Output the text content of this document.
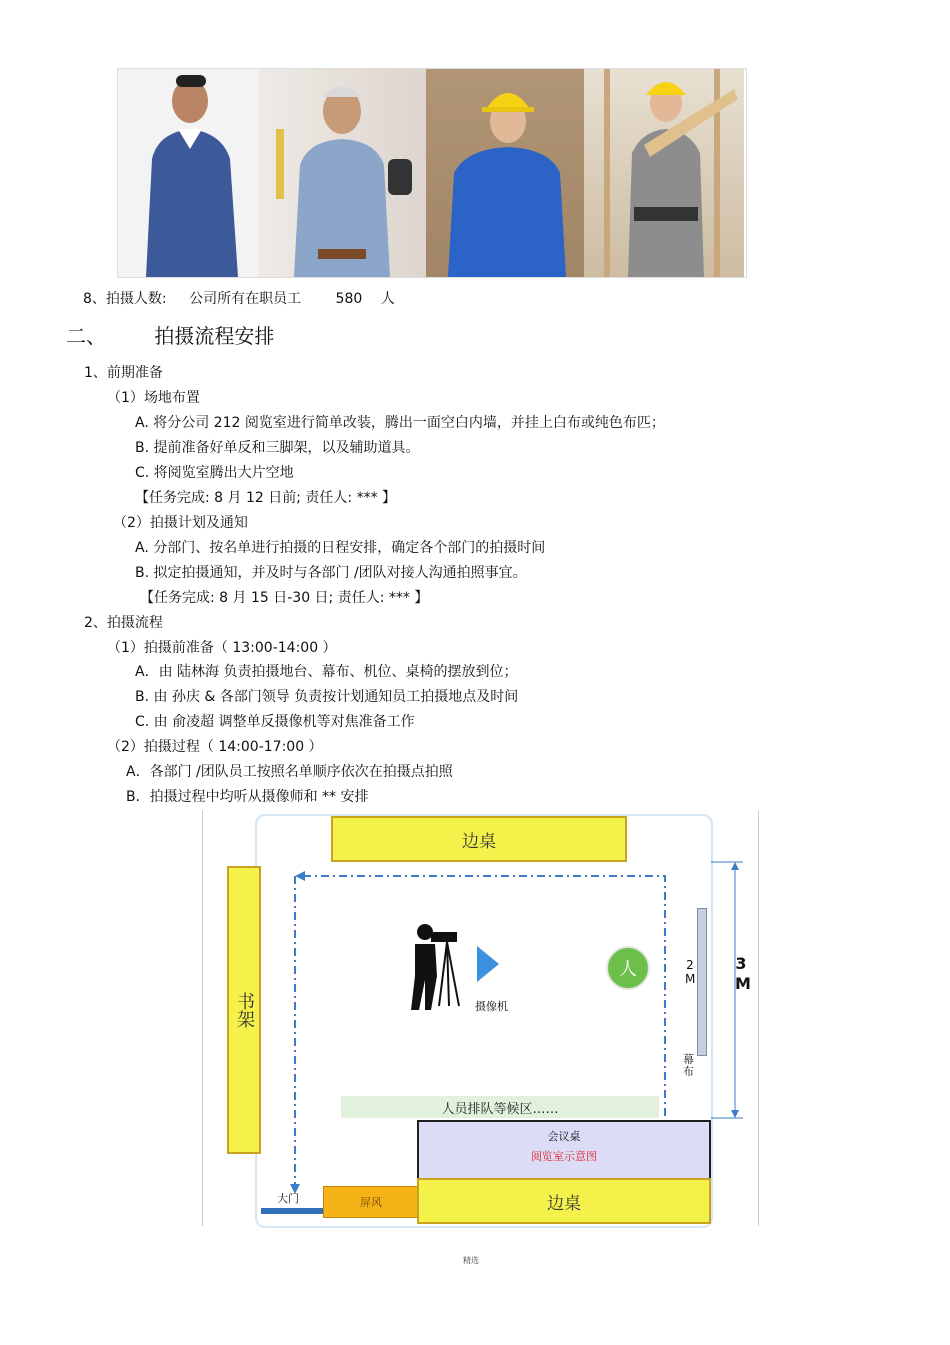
8、拍摄人数: 公司所有在职员工 580 人
二、 拍摄流程安排
1、前期准备
（1）场地布置
A. 将分公司 212 阅览室进行简单改装，腾出一面空白内墙，并挂上白布或纯色布匹；
B. 提前准备好单反和三脚架，以及辅助道具。
C. 将阅览室腾出大片空地
【任务完成: 8 月 12 日前; 责任人: *** 】
（2）拍摄计划及通知
A. 分部门、按名单进行拍摄的日程安排，确定各个部门的拍摄时间
B. 拟定拍摄通知，并及时与各部门 /团队对接人沟通拍照事宜。
【任务完成: 8 月 15 日-30 日; 责任人: *** 】
2、拍摄流程
（1）拍摄前准备（ 13:00-14:00 ）
A．由 陆林海 负责拍摄地台、幕布、机位、桌椅的摆放到位；
B. 由 孙庆 & 各部门领导 负责按计划通知员工拍摄地点及时间
C. 由 俞凌超 调整单反摄像机等对焦准备工作
（2）拍摄过程（ 14:00-17:00 ）
A．各部门 /团队员工按照名单顺序依次在拍摄点拍照
B．拍摄过程中均听从摄像师和 ** 安排
边桌
书架	摄像机
人	2 M
3 M
幕布
人员排队等候区……
会议桌
阅览室示意图
大门	屏风	边桌
精选
